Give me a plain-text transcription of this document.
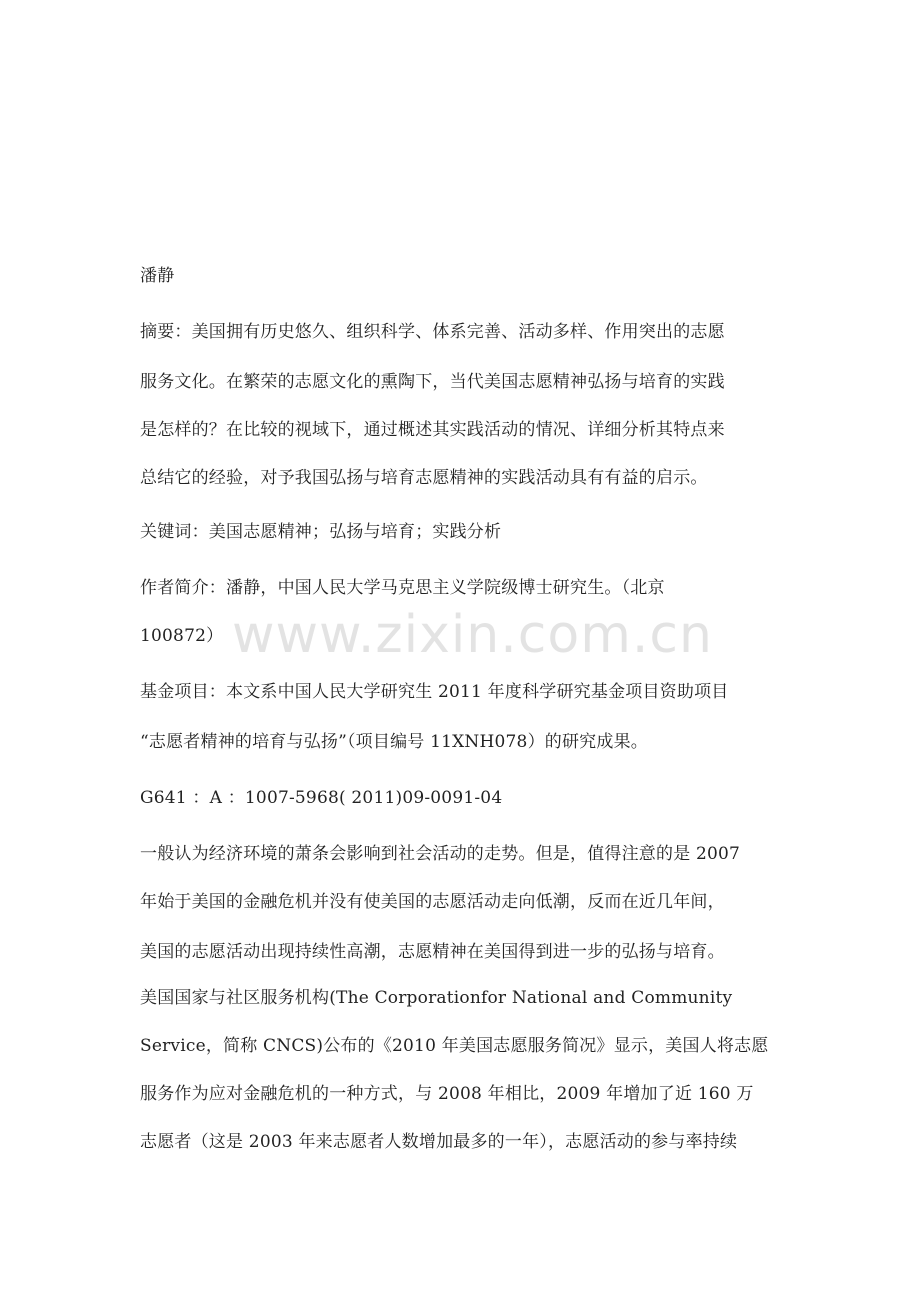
www.zixin.com.cn
潘静
摘要：美国拥有历史悠久、组织科学、体系完善、活动多样、作用突出的志愿
服务文化。在繁荣的志愿文化的熏陶下，当代美国志愿精神弘扬与培育的实践
是怎样的？在比较的视域下，通过概述其实践活动的情况、详细分析其特点来
总结它的经验，对予我国弘扬与培育志愿精神的实践活动具有有益的启示。
关键词：美国志愿精神；弘扬与培育；实践分析
作者简介：潘静，中国人民大学马克思主义学院级博士研究生。（北京
100872）
基金项目：本文系中国人民大学研究生 2011 年度科学研究基金项目资助项目
“志愿者精神的培育与弘扬”（项目编号 11XNH078）的研究成果。
G641 ：A ：1007-5968( 2011)09-0091-04
一般认为经济环境的萧条会影响到社会活动的走势。但是，值得注意的是 2007
年始于美国的金融危机并没有使美国的志愿活动走向低潮，反而在近几年间，
美国的志愿活动出现持续性高潮，志愿精神在美国得到进一步的弘扬与培育。
美国国家与社区服务机构(The Corporationfor National and Community
Service，简称 CNCS)公布的《2010 年美国志愿服务简况》显示，美国人将志愿
服务作为应对金融危机的一种方式，与 2008 年相比，2009 年增加了近 160 万
志愿者（这是 2003 年来志愿者人数增加最多的一年），志愿活动的参与率持续
